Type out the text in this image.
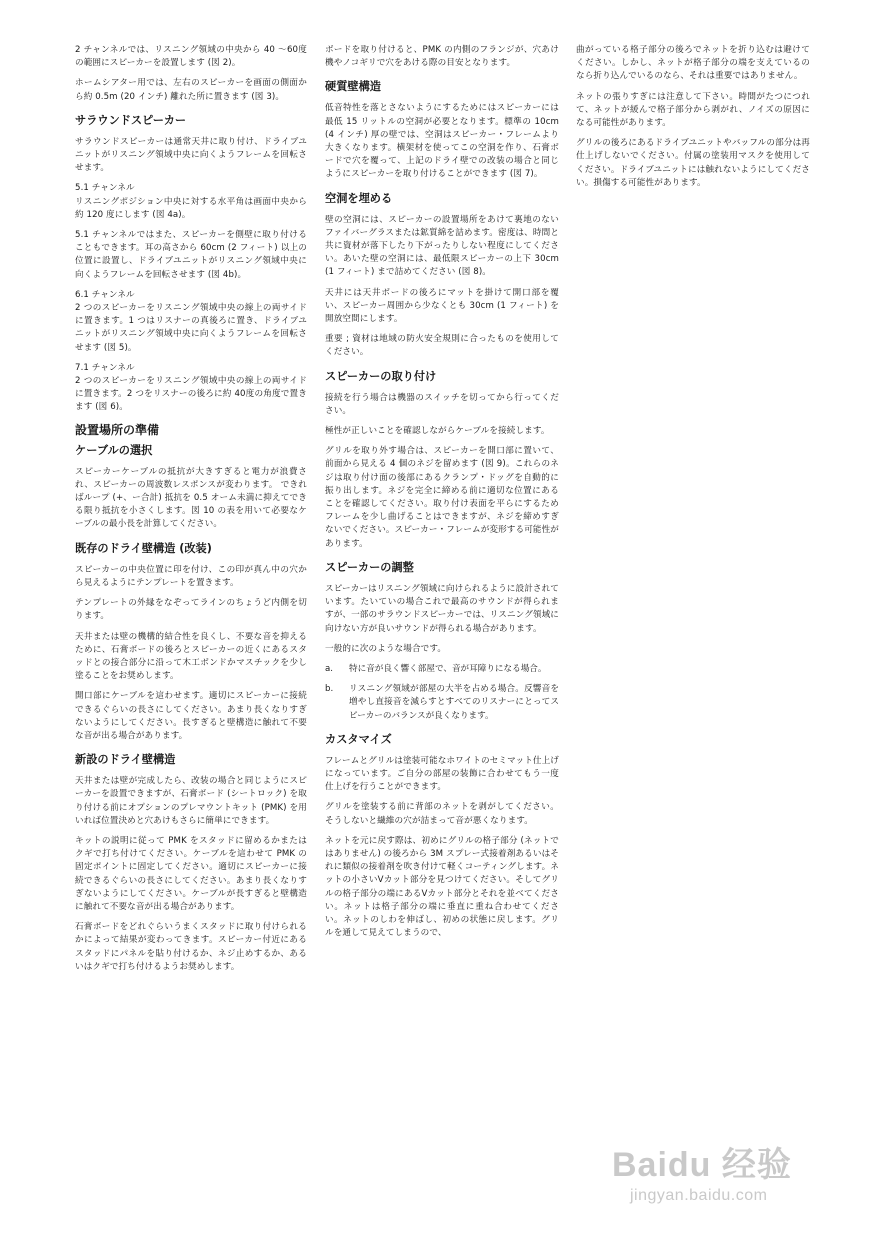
2 チャンネルでは、リスニング領域の中央から 40 〜60度の範囲にスピーカーを設置します (図 2)。

ホームシアター用では、左右のスピーカーを画面の側面から約 0.5m (20 インチ) 離れた所に置きます (図 3)。

サラウンドスピーカー

サラウンドスピーカーは通常天井に取り付け、ドライブユニットがリスニング領域中央に向くようフレームを回転させます。

5.1 チャンネル

リスニングポジション中央に対する水平角は画面中央から約 120 度にします (図 4a)。

5.1 チャンネルではまた、スピーカーを側壁に取り付けることもできます。耳の高さから 60cm (2 フィート) 以上の位置に設置し、ドライブユニットがリスニング領域中央に向くようフレームを回転させます (図 4b)。

6.1 チャンネル

2 つのスピーカーをリスニング領域中央の線上の両サイドに置きます。1 つはリスナーの真後ろに置き、ドライブユニットがリスニング領域中央に向くようフレームを回転させます (図 5)。

7.1 チャンネル

2 つのスピーカーをリスニング領域中央の線上の両サイドに置きます。2 つをリスナーの後ろに約 40度の角度で置きます (図 6)。

設置場所の準備
ケーブルの選択

スピーカーケーブルの抵抗が大きすぎると電力が浪費され、スピーカーの周波数レスポンスが変わります。 できればループ (+、ー合計) 抵抗を 0.5 オーム未満に抑えてできる限り抵抗を小さくします。図 10 の表を用いて必要なケーブルの最小長を計算してください。

既存のドライ壁構造 (改装)

スピーカーの中央位置に印を付け、この印が真ん中の穴から見えるようにテンプレートを置きます。

テンプレートの外縁をなぞってラインのちょうど内側を切ります。

天井または壁の機構的結合性を良くし、不要な音を抑えるために、石膏ボードの後ろとスピーカーの近くにあるスタッドとの接合部分に沿って木工ボンドかマスチックを少し塗ることをお奨めします。

開口部にケーブルを這わせます。適切にスピーカーに接続できるぐらいの長さにしてください。あまり長くなりすぎないようにしてください。長すぎると壁構造に触れて不要な音が出る場合があります。

新設のドライ壁構造

天井または壁が完成したら、改装の場合と同じようにスピーカーを設置できますが、石膏ボード (シートロック) を取り付ける前にオプションのプレマウントキット (PMK) を用いれば位置決めと穴あけもさらに簡単にできます。

キットの説明に従って PMK をスタッドに留めるかまたはクギで打ち付けてください。ケーブルを這わせて PMK の固定ポイントに固定してください。適切にスピーカーに接続できるぐらいの長さにしてください。あまり長くなりすぎないようにしてください。ケーブルが長すぎると壁構造に触れて不要な音が出る場合があります。

石膏ボードをどれぐらいうまくスタッドに取り付けられるかによって結果が変わってきます。スピーカー付近にあるスタッドにパネルを貼り付けるか、ネジ止めするか、あるいはクギで打ち付けるようお奨めします。

ボードを取り付けると、PMK の内側のフランジが、穴あけ機やノコギリで穴をあける際の目安となります。

硬質壁構造

低音特性を落とさないようにするためにはスピーカーには最低 15 リットルの空洞が必要となります。標準の 10cm (4 インチ) 厚の壁では、空洞はスピーカー・フレームより大きくなります。横架材を使ってこの空洞を作り、石膏ボードで穴を覆って、上記のドライ壁での改装の場合と同じようにスピーカーを取り付けることができます (図 7)。

空洞を埋める

壁の空洞には、スピーカーの設置場所をあけて裏地のないファイバーグラスまたは鉱質綿を詰めます。密度は、時間と共に資材が落下したり下がったりしない程度にしてください。あいた壁の空洞には、最低限スピーカーの上下 30cm (1 フィート) まで詰めてください (図 8)。

天井には天井ボードの後ろにマットを掛けて開口部を覆い、スピーカー周囲から少なくとも 30cm (1 フィート) を開放空間にします。

重要 ; 資材は地域の防火安全規則に合ったものを使用してください。

スピーカーの取り付け

接続を行う場合は機器のスイッチを切ってから行ってください。

極性が正しいことを確認しながらケーブルを接続します。

グリルを取り外す場合は、スピーカーを開口部に置いて、前面から見える 4 個のネジを留めます (図 9)。これらのネジは取り付け面の後部にあるクランプ・ドッグを自動的に振り出します。ネジを完全に締める前に適切な位置にあることを確認してください。取り付け表面を平らにするためフレームを少し曲げることはできますが、ネジを締めすぎないでください。スピーカー・フレームが変形する可能性があります。

スピーカーの調整

スピーカーはリスニング領域に向けられるように設計されています。たいていの場合これで最高のサウンドが得られますが、一部のサラウンドスピーカーでは、リスニング領域に向けない方が良いサウンドが得られる場合があります。

一般的に次のような場合です。

a.	特に音が良く響く部屋で、音が耳障りになる場合。
b.	リスニング領域が部屋の大半を占める場合。反響音を増やし直接音を減らすとすべてのリスナーにとってスピーカーのバランスが良くなります。
カスタマイズ

フレームとグリルは塗装可能なホワイトのセミマット仕上げになっています。ご自分の部屋の装飾に合わせてもう一度仕上げを行うことができます。

グリルを塗装する前に背部のネットを剥がしてください。そうしないと繊維の穴が詰まって音が悪くなります。

ネットを元に戻す際は、初めにグリルの格子部分 (ネットではありません) の後ろから 3M スプレー式接着剤あるいはそれに類似の接着剤を吹き付けて軽くコーティングします。ネットの小さいVカット部分を見つけてください。そしてグリルの格子部分の端にあるVカット部分とそれを並べてください。ネットは格子部分の端に垂直に重ね合わせてください。ネットのしわを伸ばし、初めの状態に戻します。グリルを通して見えてしまうので、

曲がっている格子部分の後ろでネットを折り込むは避けてください。しかし、ネットが格子部分の端を支えているのなら折り込んでいるのなら、それは重要ではありません。

ネットの張りすぎには注意して下さい。時間がたつにつれて、ネットが緩んで格子部分から剥がれ、ノイズの原因になる可能性があります。

グリルの後ろにあるドライブユニットやバッフルの部分は再仕上げしないでください。付属の塗装用マスクを使用してください。ドライブユニットには触れないようにしてください。損傷する可能性があります。

Baidu 经验
jingyan.baidu.com
